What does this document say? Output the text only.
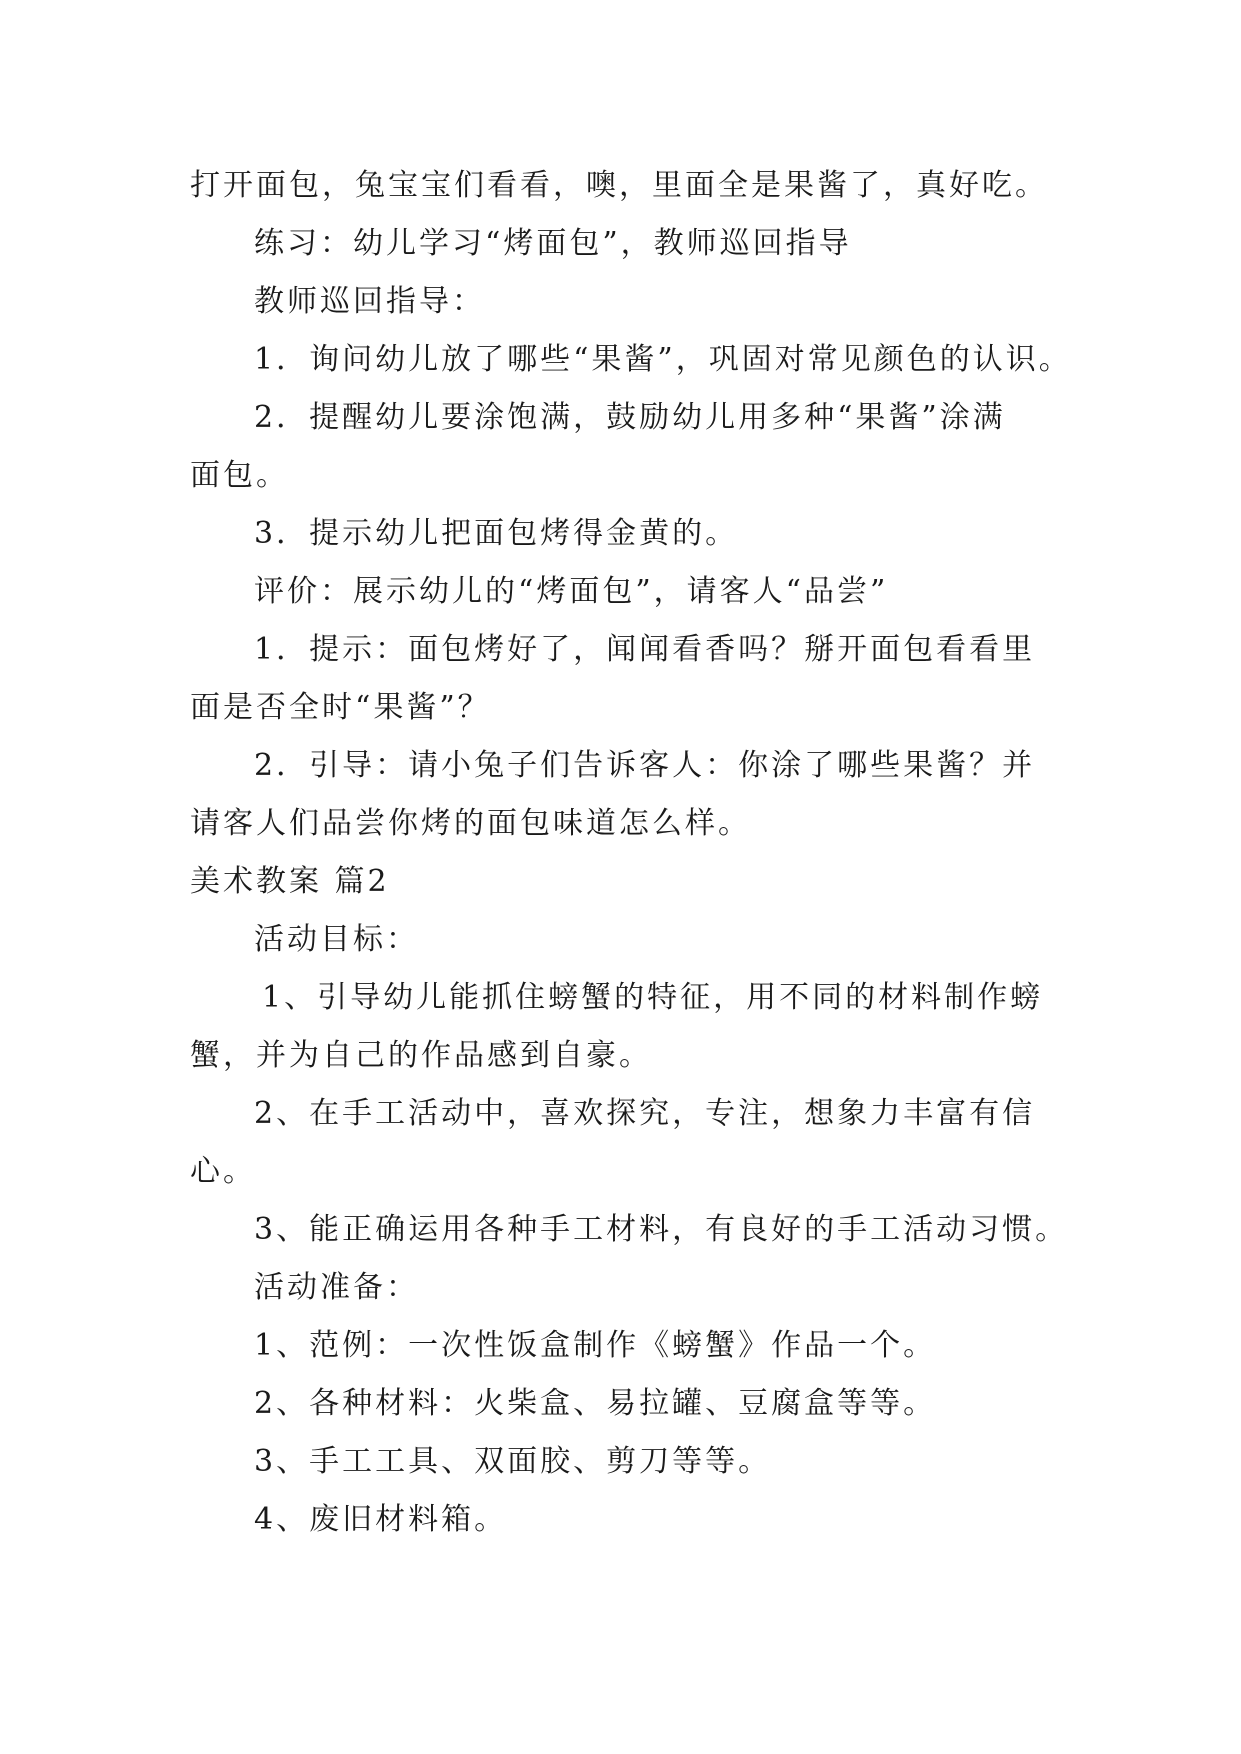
打开面包，兔宝宝们看看，噢，里面全是果酱了，真好吃。
练习：幼儿学习“烤面包”，教师巡回指导
教师巡回指导：
1．询问幼儿放了哪些“果酱”，巩固对常见颜色的认识。
2．提醒幼儿要涂饱满，鼓励幼儿用多种“果酱”涂满
面包。
3．提示幼儿把面包烤得金黄的。
评价：展示幼儿的“烤面包”，请客人“品尝”
1．提示：面包烤好了，闻闻看香吗？掰开面包看看里
面是否全时“果酱”？
2．引导：请小兔子们告诉客人：你涂了哪些果酱？并
请客人们品尝你烤的面包味道怎么样。
美术教案 篇2
活动目标：
1、引导幼儿能抓住螃蟹的特征，用不同的材料制作螃
蟹，并为自己的作品感到自豪。
2、在手工活动中，喜欢探究，专注，想象力丰富有信
心。
3、能正确运用各种手工材料，有良好的手工活动习惯。
活动准备：
1、范例：一次性饭盒制作《螃蟹》作品一个。
2、各种材料：火柴盒、易拉罐、豆腐盒等等。
3、手工工具、双面胶、剪刀等等。
4、废旧材料箱。
